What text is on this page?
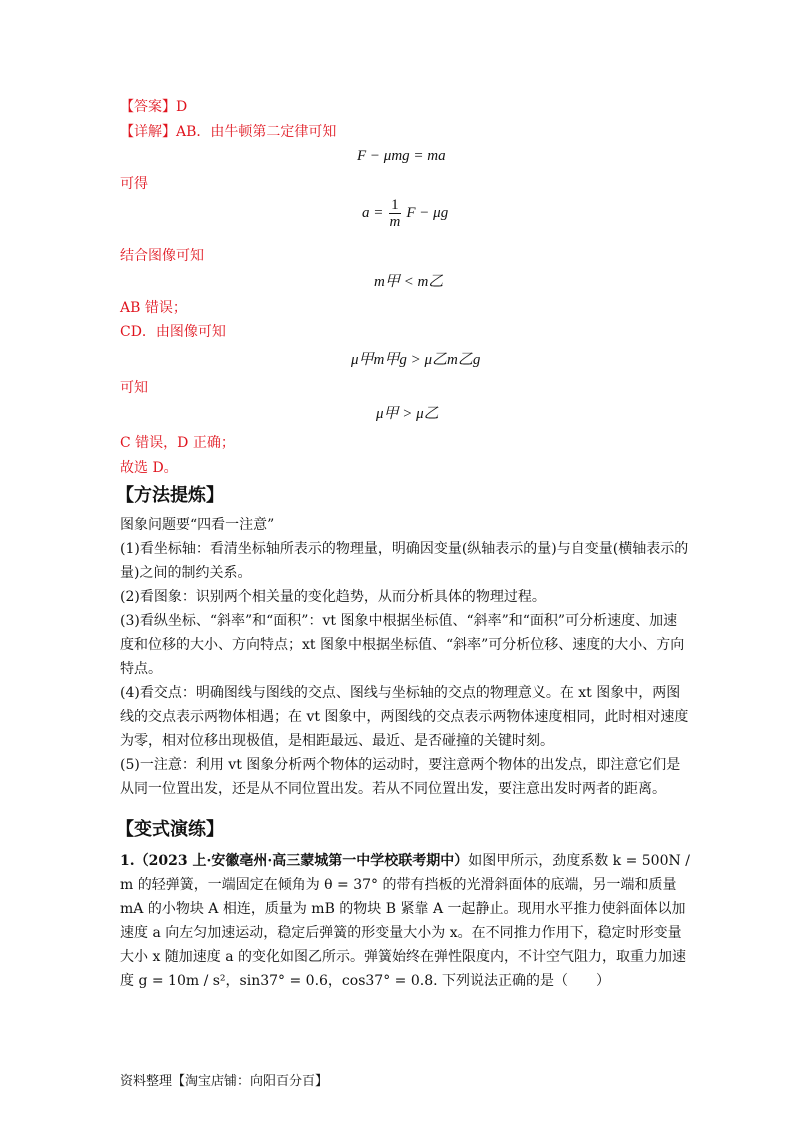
【答案】D
【详解】AB．由牛顿第二定律可知
F − μmg = ma
可得
$a = \frac{1}{m}$ F − μg
结合图像可知
m甲 < m乙
AB 错误；
CD．由图像可知
μ甲m甲g > μ乙m乙g
可知
μ甲 > μ乙
C 错误，D 正确；
故选 D。
【方法提炼】
图象问题要“四看一注意”
(1)看坐标轴：看清坐标轴所表示的物理量，明确因变量(纵轴表示的量)与自变量(横轴表示的量)之间的制约关系。
(2)看图象：识别两个相关量的变化趋势，从而分析具体的物理过程。
(3)看纵坐标、“斜率”和“面积”：vt 图象中根据坐标值、“斜率”和“面积”可分析速度、加速度和位移的大小、方向特点；xt 图象中根据坐标值、“斜率”可分析位移、速度的大小、方向特点。
(4)看交点：明确图线与图线的交点、图线与坐标轴的交点的物理意义。在 xt 图象中，两图线的交点表示两物体相遇；在 vt 图象中，两图线的交点表示两物体速度相同，此时相对速度为零，相对位移出现极值，是相距最远、最近、是否碰撞的关键时刻。
(5)一注意：利用 vt 图象分析两个物体的运动时，要注意两个物体的出发点，即注意它们是从同一位置出发，还是从不同位置出发。若从不同位置出发，要注意出发时两者的距离。
【变式演练】
1.（2023 上·安徽亳州·高三蒙城第一中学校联考期中）如图甲所示，劲度系数 k = 500N / m 的轻弹簧，一端固定在倾角为 θ = 37° 的带有挡板的光滑斜面体的底端，另一端和质量 mA 的小物块 A 相连，质量为 mB 的物块 B 紧靠 A 一起静止。现用水平推力使斜面体以加速度 a 向左匀加速运动，稳定后弹簧的形变量大小为 x。在不同推力作用下，稳定时形变量大小 x 随加速度 a 的变化如图乙所示。弹簧始终在弹性限度内，不计空气阻力，取重力加速度 g = 10m / s²，sin37° = 0.6，cos37° = 0.8. 下列说法正确的是（　　）
资料整理【淘宝店铺：向阳百分百】
